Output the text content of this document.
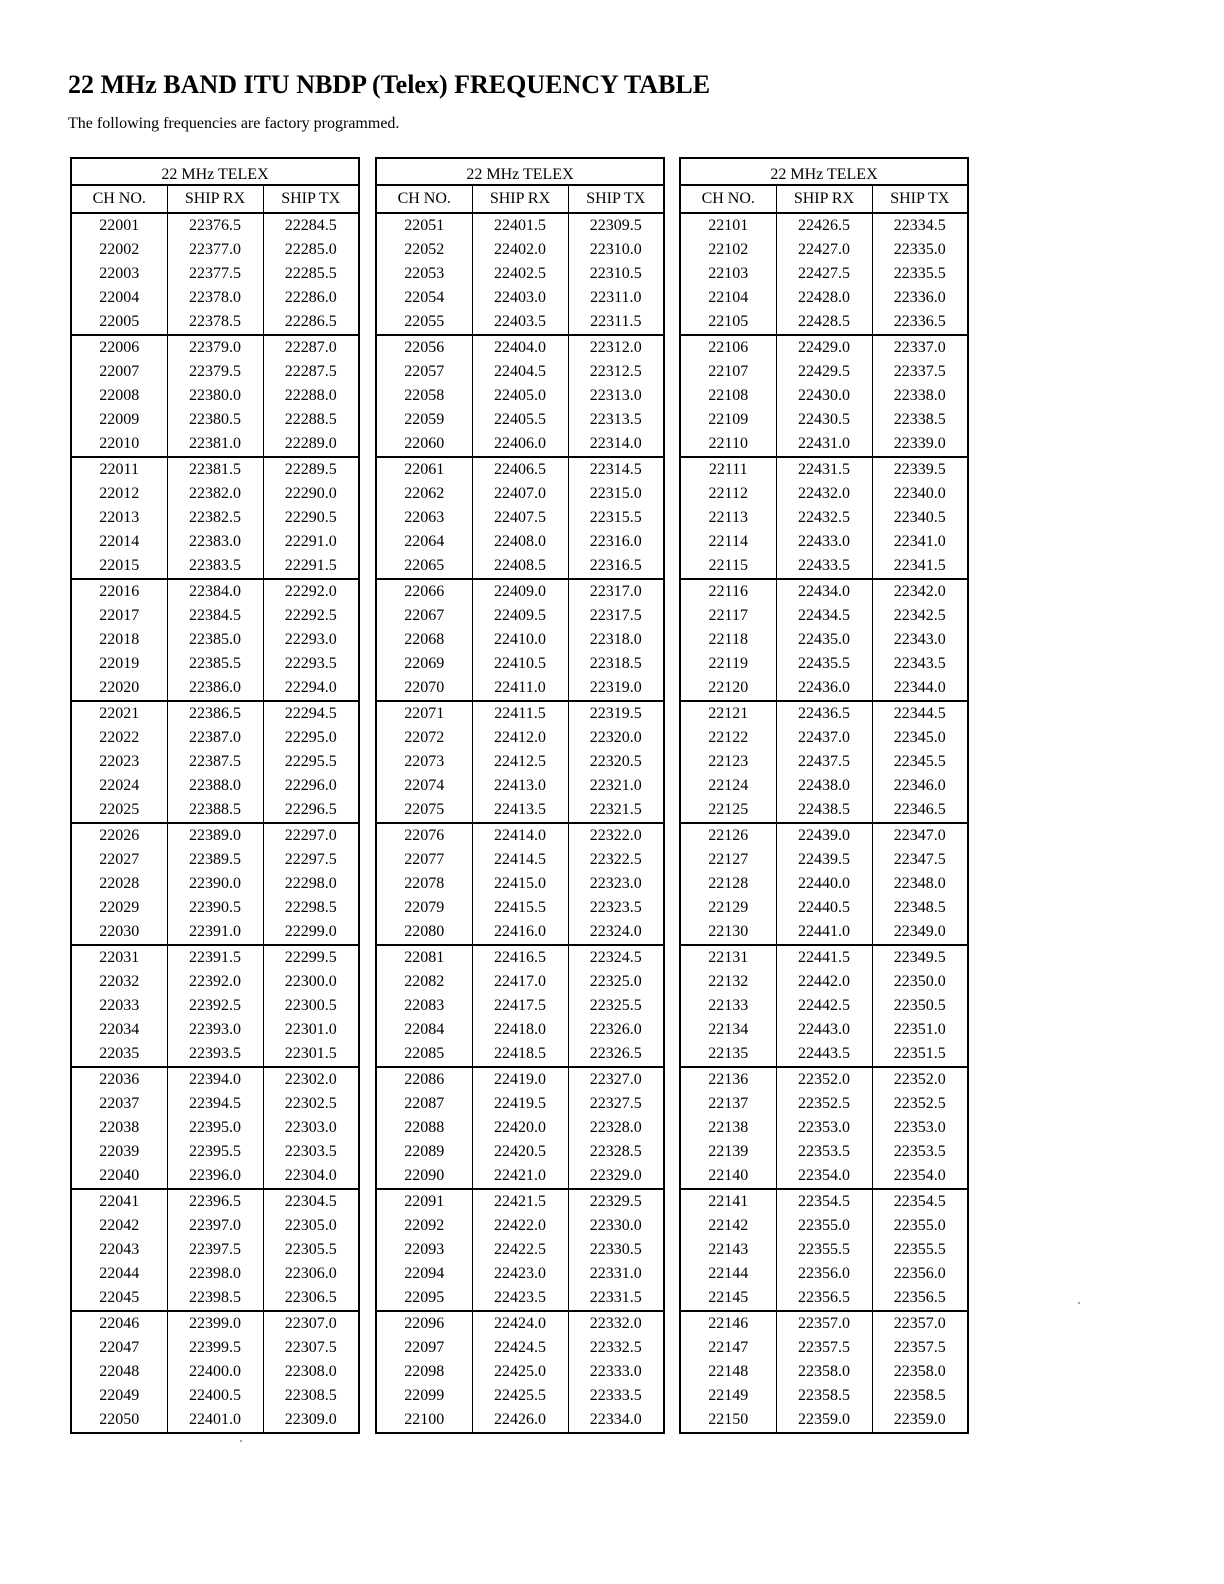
22 MHz BAND ITU NBDP (Telex) FREQUENCY TABLE
The following frequencies are factory programmed.
22 MHz TELEX		
CH NO.	SHIP RX	SHIP TX
22001	22376.5	22284.5
22002	22377.0	22285.0
22003	22377.5	22285.5
22004	22378.0	22286.0
22005	22378.5	22286.5
22006	22379.0	22287.0
22007	22379.5	22287.5
22008	22380.0	22288.0
22009	22380.5	22288.5
22010	22381.0	22289.0
22011	22381.5	22289.5
22012	22382.0	22290.0
22013	22382.5	22290.5
22014	22383.0	22291.0
22015	22383.5	22291.5
22016	22384.0	22292.0
22017	22384.5	22292.5
22018	22385.0	22293.0
22019	22385.5	22293.5
22020	22386.0	22294.0
22021	22386.5	22294.5
22022	22387.0	22295.0
22023	22387.5	22295.5
22024	22388.0	22296.0
22025	22388.5	22296.5
22026	22389.0	22297.0
22027	22389.5	22297.5
22028	22390.0	22298.0
22029	22390.5	22298.5
22030	22391.0	22299.0
22031	22391.5	22299.5
22032	22392.0	22300.0
22033	22392.5	22300.5
22034	22393.0	22301.0
22035	22393.5	22301.5
22036	22394.0	22302.0
22037	22394.5	22302.5
22038	22395.0	22303.0
22039	22395.5	22303.5
22040	22396.0	22304.0
22041	22396.5	22304.5
22042	22397.0	22305.0
22043	22397.5	22305.5
22044	22398.0	22306.0
22045	22398.5	22306.5
22046	22399.0	22307.0
22047	22399.5	22307.5
22048	22400.0	22308.0
22049	22400.5	22308.5
22050	22401.0	22309.0
22 MHz TELEX		
CH NO.	SHIP RX	SHIP TX
22051	22401.5	22309.5
22052	22402.0	22310.0
22053	22402.5	22310.5
22054	22403.0	22311.0
22055	22403.5	22311.5
22056	22404.0	22312.0
22057	22404.5	22312.5
22058	22405.0	22313.0
22059	22405.5	22313.5
22060	22406.0	22314.0
22061	22406.5	22314.5
22062	22407.0	22315.0
22063	22407.5	22315.5
22064	22408.0	22316.0
22065	22408.5	22316.5
22066	22409.0	22317.0
22067	22409.5	22317.5
22068	22410.0	22318.0
22069	22410.5	22318.5
22070	22411.0	22319.0
22071	22411.5	22319.5
22072	22412.0	22320.0
22073	22412.5	22320.5
22074	22413.0	22321.0
22075	22413.5	22321.5
22076	22414.0	22322.0
22077	22414.5	22322.5
22078	22415.0	22323.0
22079	22415.5	22323.5
22080	22416.0	22324.0
22081	22416.5	22324.5
22082	22417.0	22325.0
22083	22417.5	22325.5
22084	22418.0	22326.0
22085	22418.5	22326.5
22086	22419.0	22327.0
22087	22419.5	22327.5
22088	22420.0	22328.0
22089	22420.5	22328.5
22090	22421.0	22329.0
22091	22421.5	22329.5
22092	22422.0	22330.0
22093	22422.5	22330.5
22094	22423.0	22331.0
22095	22423.5	22331.5
22096	22424.0	22332.0
22097	22424.5	22332.5
22098	22425.0	22333.0
22099	22425.5	22333.5
22100	22426.0	22334.0
22 MHz TELEX		
CH NO.	SHIP RX	SHIP TX
22101	22426.5	22334.5
22102	22427.0	22335.0
22103	22427.5	22335.5
22104	22428.0	22336.0
22105	22428.5	22336.5
22106	22429.0	22337.0
22107	22429.5	22337.5
22108	22430.0	22338.0
22109	22430.5	22338.5
22110	22431.0	22339.0
22111	22431.5	22339.5
22112	22432.0	22340.0
22113	22432.5	22340.5
22114	22433.0	22341.0
22115	22433.5	22341.5
22116	22434.0	22342.0
22117	22434.5	22342.5
22118	22435.0	22343.0
22119	22435.5	22343.5
22120	22436.0	22344.0
22121	22436.5	22344.5
22122	22437.0	22345.0
22123	22437.5	22345.5
22124	22438.0	22346.0
22125	22438.5	22346.5
22126	22439.0	22347.0
22127	22439.5	22347.5
22128	22440.0	22348.0
22129	22440.5	22348.5
22130	22441.0	22349.0
22131	22441.5	22349.5
22132	22442.0	22350.0
22133	22442.5	22350.5
22134	22443.0	22351.0
22135	22443.5	22351.5
22136	22352.0	22352.0
22137	22352.5	22352.5
22138	22353.0	22353.0
22139	22353.5	22353.5
22140	22354.0	22354.0
22141	22354.5	22354.5
22142	22355.0	22355.0
22143	22355.5	22355.5
22144	22356.0	22356.0
22145	22356.5	22356.5
22146	22357.0	22357.0
22147	22357.5	22357.5
22148	22358.0	22358.0
22149	22358.5	22358.5
22150	22359.0	22359.0
